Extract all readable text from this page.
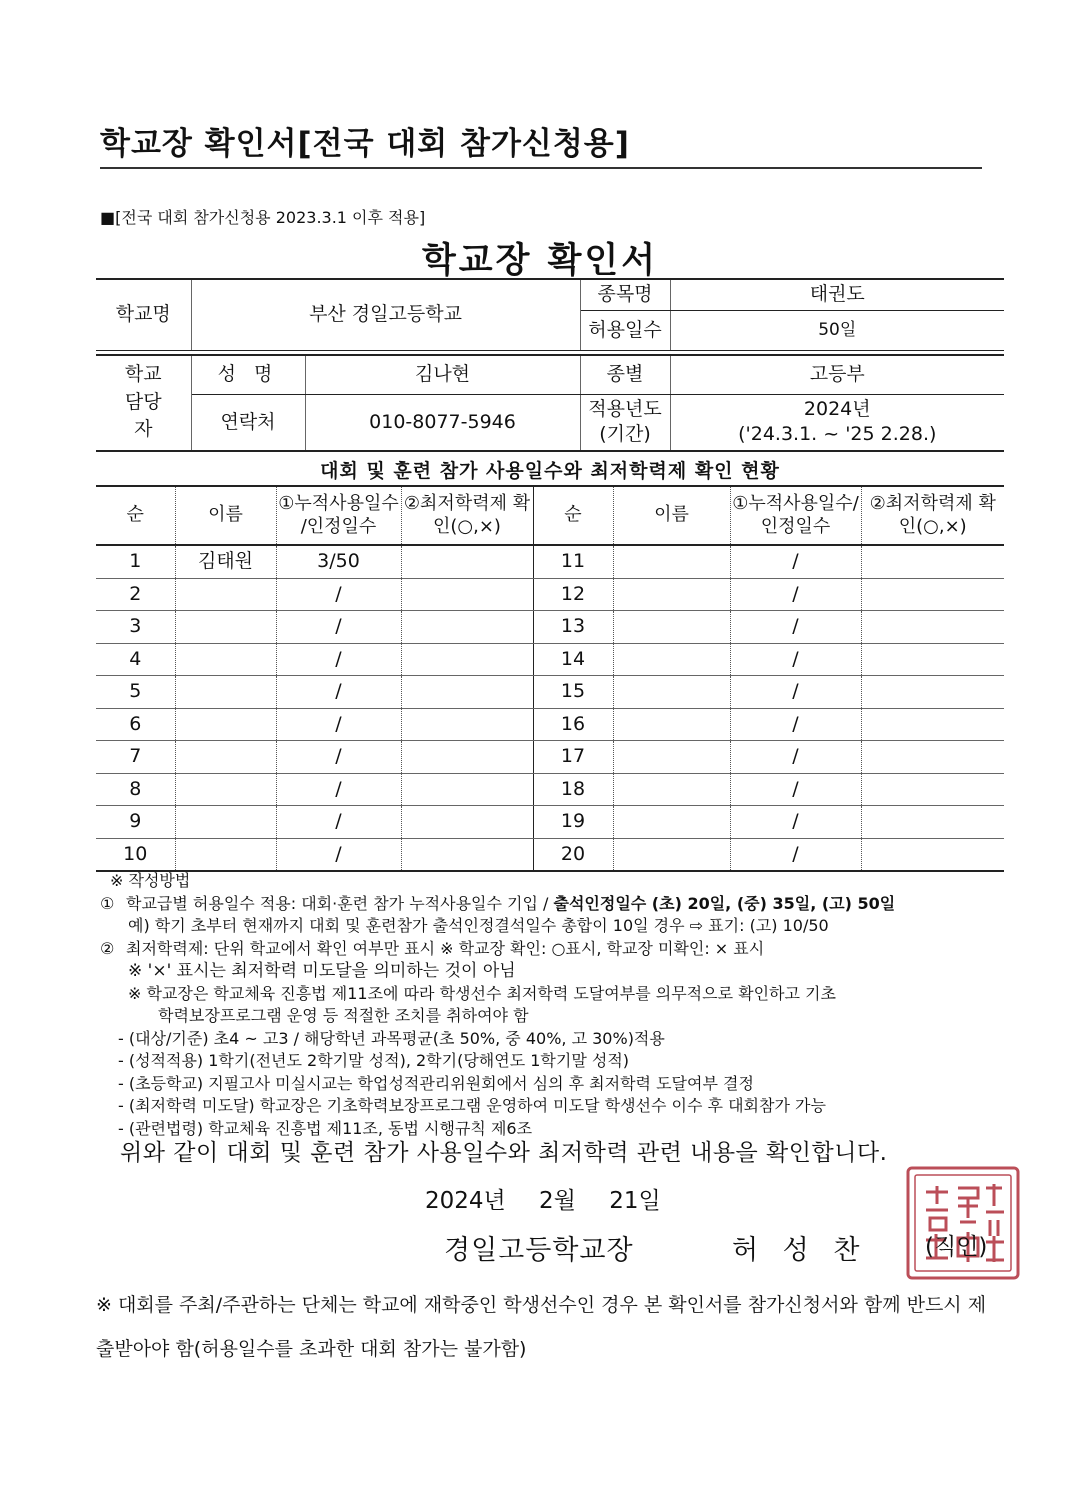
학교장 확인서[전국 대회 참가신청용]
■[전국 대회 참가신청용 2023.3.1 이후 적용]
학교장 확인서
학교명	부산 경일고등학교		종목명	태권도
			허용일수	50일

학교 담당자	성 명	김나현	종별	고등부
	연락처	010-8077-5946	적용년도 (기간)	2024년
('24.3.1. ~ '25 2.28.)
대회 및 훈련 참가 사용일수와 최저학력제 확인 현황
순	이름	①누적사용일수 /인정일수	②최저학력제 확인(○,×)	순	이름	①누적사용일수/ 인정일수	②최저학력제 확인(○,×)
1	김태원	3/50		11		/	
2		/		12		/	
3		/		13		/	
4		/		14		/	
5		/		15		/	
6		/		16		/	
7		/		17		/	
8		/		18		/	
9		/		19		/	
10		/		20		/	
※ 작성방법
① 학교급별 허용일수 적용: 대회·훈련 참가 누적사용일수 기입 / 출석인정일수 (초) 20일, (중) 35일, (고) 50일
예) 학기 초부터 현재까지 대회 및 훈련참가 출석인정결석일수 총합이 10일 경우 ⇨ 표기: (고) 10/50
② 최저학력제: 단위 학교에서 확인 여부만 표시 ※ 학교장 확인: ○표시, 학교장 미확인: × 표시
※ '×' 표시는 최저학력 미도달을 의미하는 것이 아님
※ 학교장은 학교체육 진흥법 제11조에 따라 학생선수 최저학력 도달여부를 의무적으로 확인하고 기초
학력보장프로그램 운영 등 적절한 조치를 취하여야 함
- (대상/기준) 초4 ~ 고3 / 해당학년 과목평균(초 50%, 중 40%, 고 30%)적용
- (성적적용) 1학기(전년도 2학기말 성적), 2학기(당해연도 1학기말 성적)
- (초등학교) 지필고사 미실시교는 학업성적관리위원회에서 심의 후 최저학력 도달여부 결정
- (최저학력 미도달) 학교장은 기초학력보장프로그램 운영하여 미도달 학생선수 이수 후 대회참가 가능
- (관련법령) 학교체육 진흥법 제11조, 동법 시행규칙 제6조
위와 같이 대회 및 훈련 참가 사용일수와 최저학력 관련 내용을 확인합니다.
2024년 2월 21일
경일고등학교장	허 성 찬	(직인)
※ 대회를 주최/주관하는 단체는 학교에 재학중인 학생선수인 경우 본 확인서를 참가신청서와 함께 반드시 제출받아야 함(허용일수를 초과한 대회 참가는 불가함)
